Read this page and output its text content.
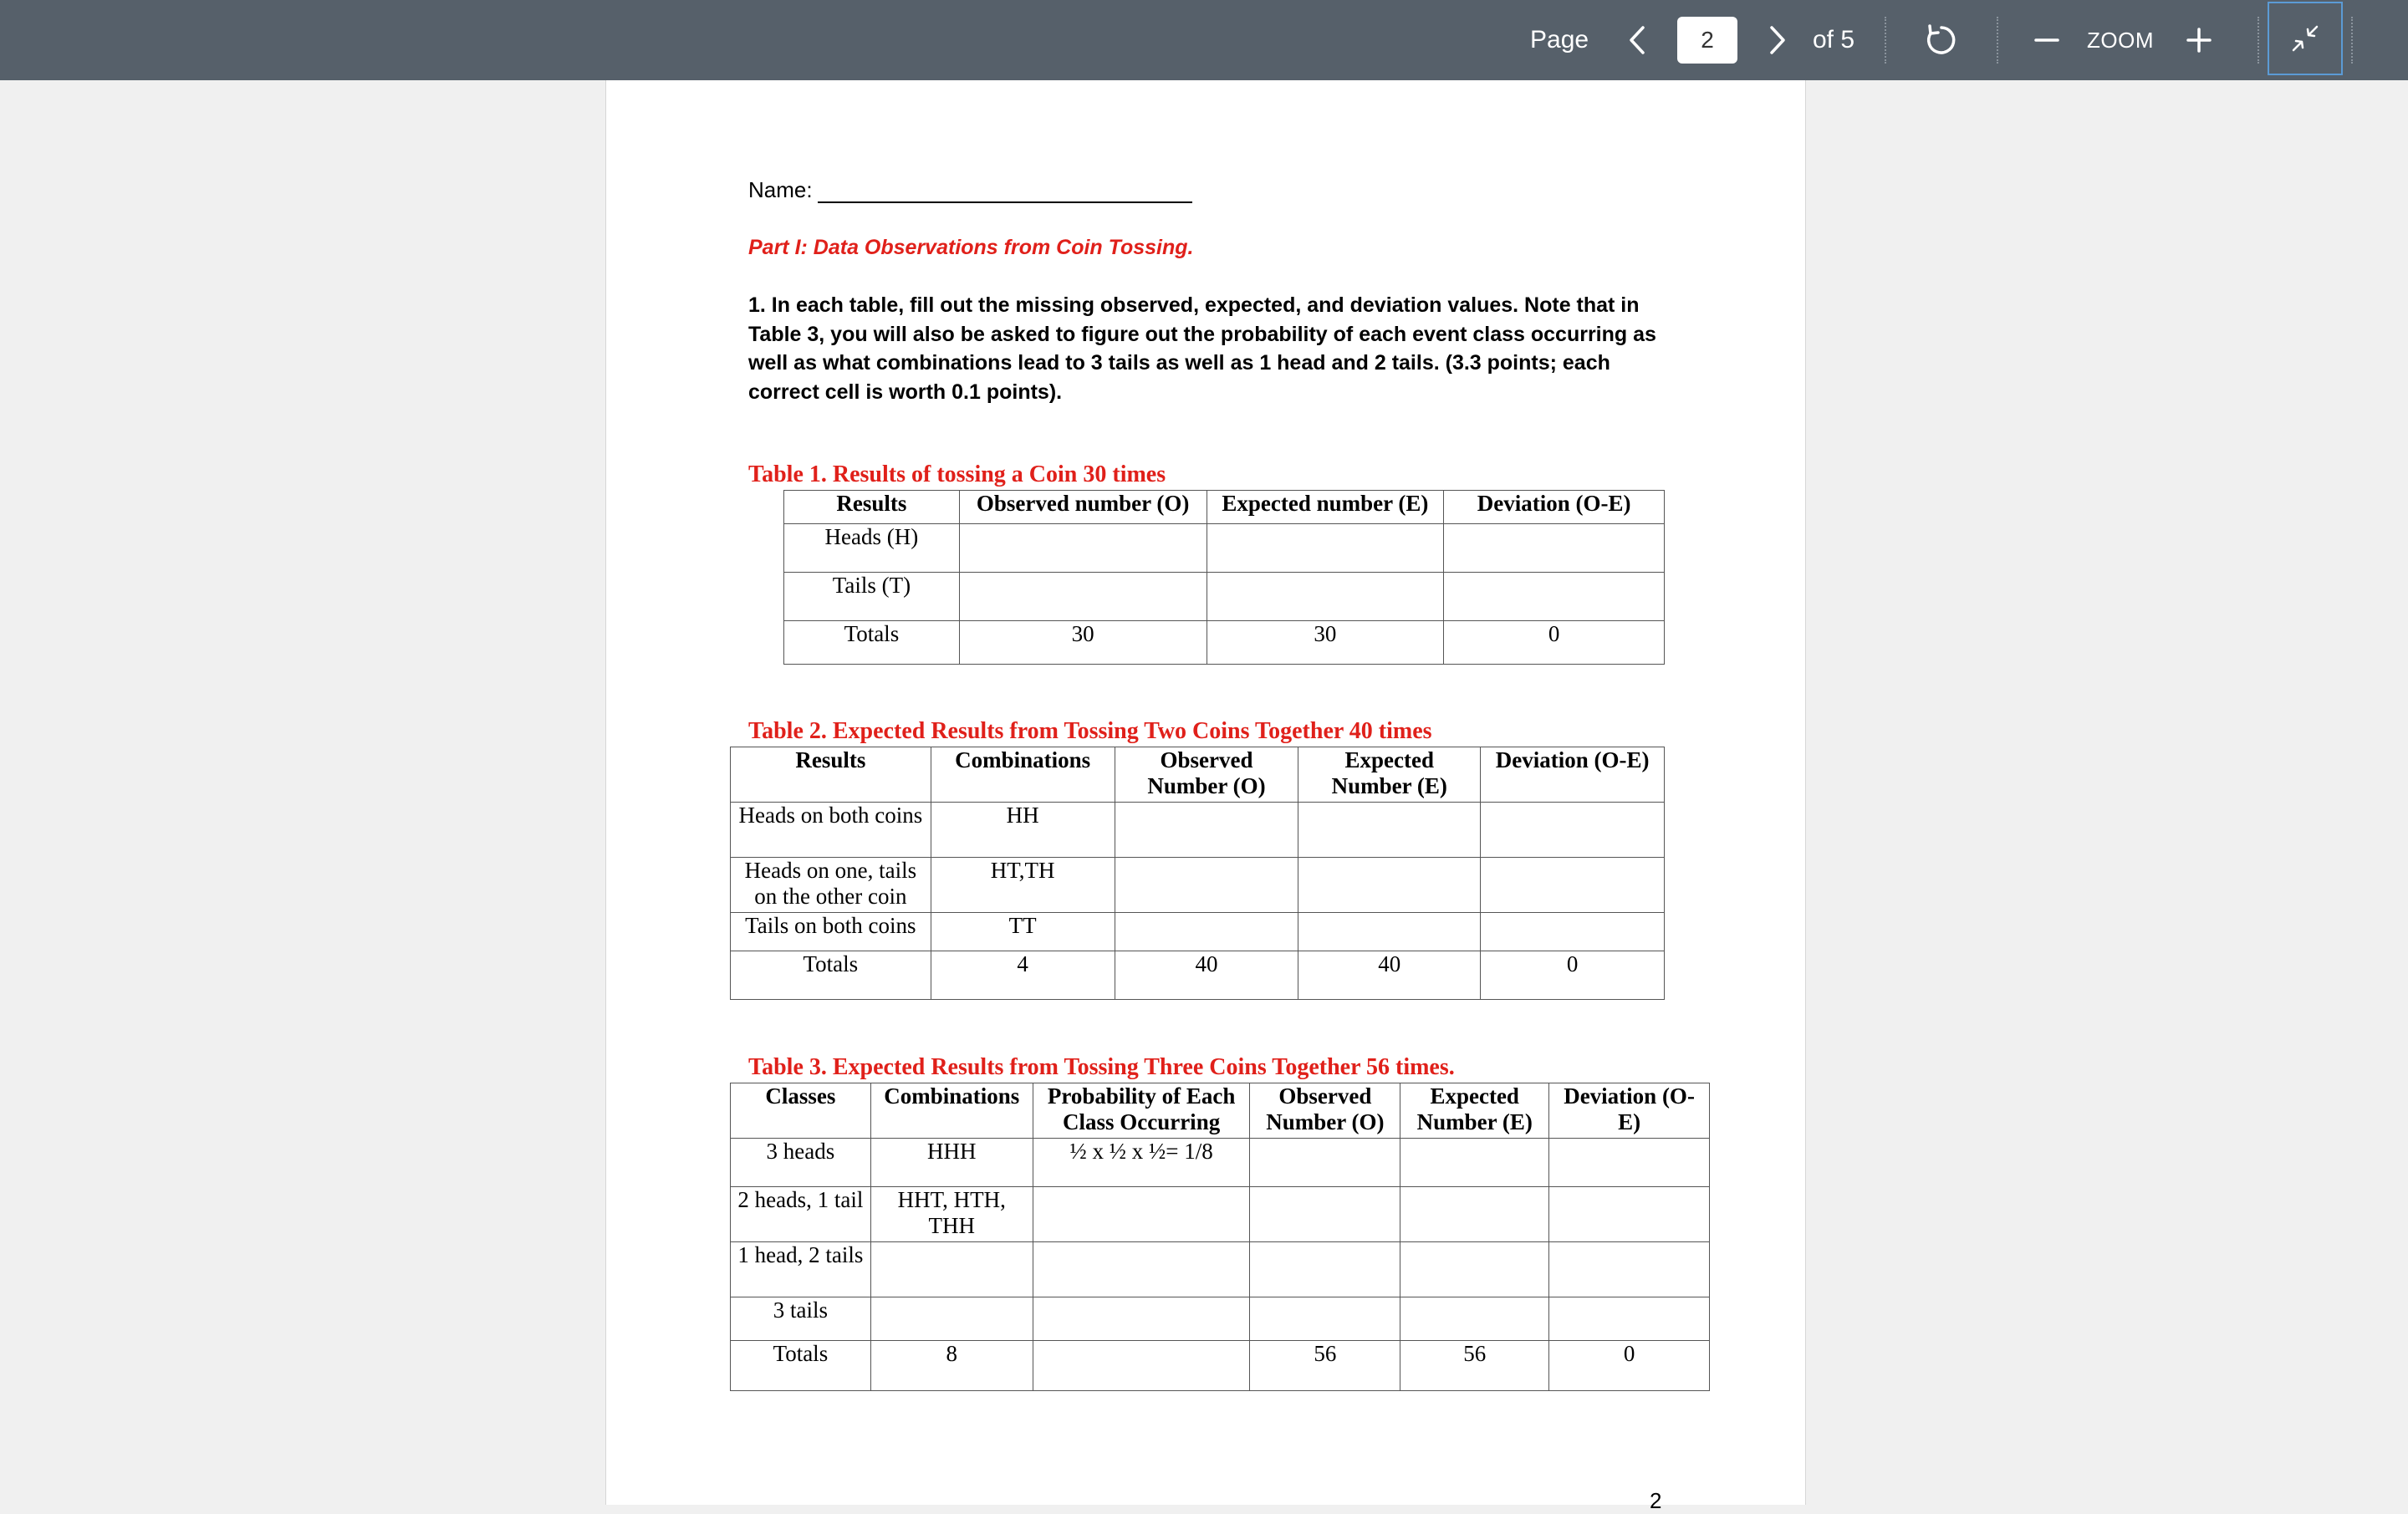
Page
2	of 5	ZOOM
Name:
Part I: Data Observations from Coin Tossing.
1. In each table, fill out the missing observed, expected, and deviation values. Note that in Table 3, you will also be asked to figure out the probability of each event class occurring as well as what combinations lead to 3 tails as well as 1 head and 2 tails. (3.3 points; each correct cell is worth 0.1 points).
Table 1. Results of tossing a Coin 30 times
Results	Observed number (O)	Expected number (E)	Deviation (O-E)
Heads (H)			
Tails (T)			
Totals	30	30	0
Table 2. Expected Results from Tossing Two Coins Together 40 times
Results	Combinations	Observed Number (O)	Expected Number (E)	Deviation (O-E)
Heads on both coins	HH			
Heads on one, tails on the other coin	HT,TH			
Tails on both coins	TT			
Totals	4	40	40	0
Table 3. Expected Results from Tossing Three Coins Together 56 times.
Classes	Combinations	Probability of Each Class Occurring	Observed Number (O)	Expected Number (E)	Deviation (O-E)
3 heads	HHH	½ x ½ x ½= 1/8			
2 heads, 1 tail	HHT, HTH, THH				
1 head, 2 tails					
3 tails					
Totals	8		56	56	0
2
